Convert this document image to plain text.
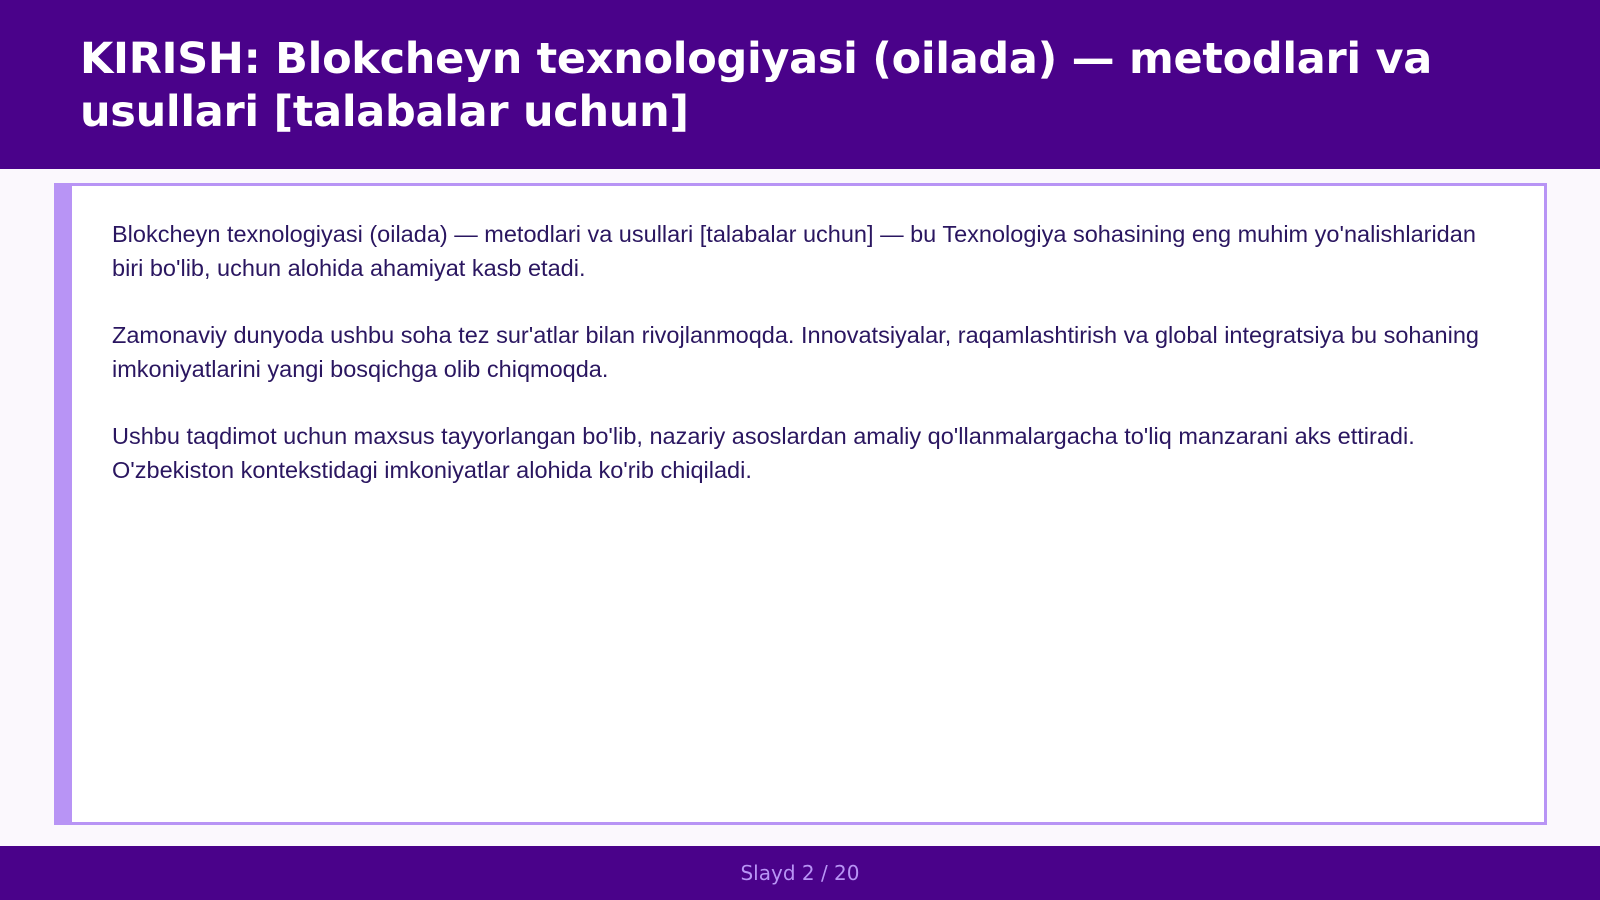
KIRISH: Blokcheyn texnologiyasi (oilada) — metodlari va usullari [talabalar uchun]

Blokcheyn texnologiyasi (oilada) — metodlari va usullari [talabalar uchun] — bu Texnologiya sohasining eng muhim yo'nalishlaridan biri bo'lib, uchun alohida ahamiyat kasb etadi.

Zamonaviy dunyoda ushbu soha tez sur'atlar bilan rivojlanmoqda. Innovatsiyalar, raqamlashtirish va global integratsiya bu sohaning imkoniyatlarini yangi bosqichga olib chiqmoqda.

Ushbu taqdimot uchun maxsus tayyorlangan bo'lib, nazariy asoslardan amaliy qo'llanmalargacha to'liq manzarani aks ettiradi. O'zbekiston kontekstidagi imkoniyatlar alohida ko'rib chiqiladi.

Slayd 2 / 20
